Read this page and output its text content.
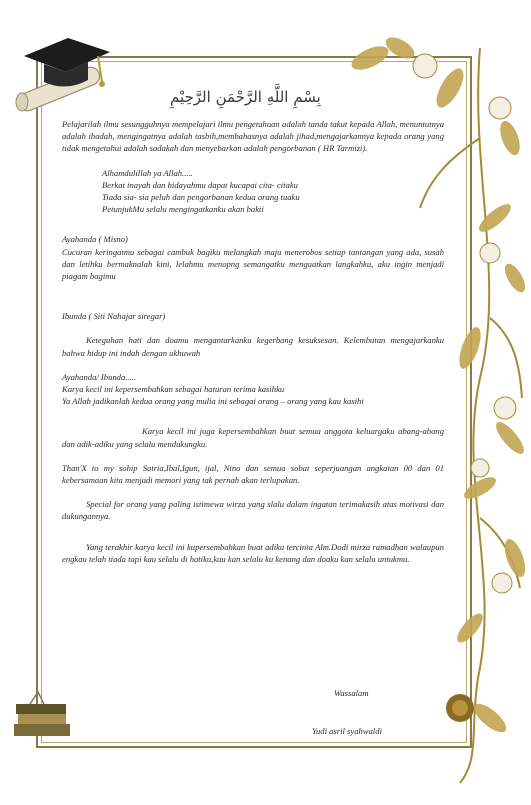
بِسْمِ اللَّهِ الرَّحْمَنِ الرَّحِيْمِ

Pelajarilah ilmu sesungguhnya mempelajari ilmu pengetahuan adalah tanda takut kepada Allah, menuntutnya adalah ibadah, mengingatnya adalah tasbih,membahasnya adalah jihad,mengajarkannya kepada orang yang tidak mengetahui adalah sadakah dan menyebarkan adalah pengorbanan ( HR Tarmizi).

Alhamdulillah ya Allah.....

Berkat inayah dan hidayahmu dapat kucapai cita- citaku

Tiada sia- sia peluh dan pengorbanan kedua orang tuaku

PetunjukMu selalu mengingatkanku akan bakti

Ayahanda ( Misno)

Cucuran keringatmu sebagai cambuk bagiku melangkah maju menerobos setiap tantangan yang ada, susah dan letihku bermaknalah kini, lelahmu menopng semangatku menguatkan langkahku, aku ingin menjadi piagam bagimu

Ibunda ( Siti Nahajar siregar)

Keteguhan hati dan doamu mengantarkanku kegerbang kesuksesan. Kelembutan mengajarkanku bahwa hidup ini indah dengan ukhuwah

Ayahanda/ Ibunda.....

Karya kecil ini kepersembahkan sebagai haturan terima kasihku

Ya Allah jadikanlah kedua orang yang mulia ini sebagai orang – orang yang kau kasihi

Karya kecil ini juga kepersembahkan buat semua anggota keluargaku abang-abang dan adik-adiku yang selalu mendukungku.

Than'X to my sohip Satria,Ibal,Igun, ijal, Nino dan semua sobat seperjuangan angkatan 00 dan 01 kebersamaan kita menjadi memori yang tak pernah akan terlupakan.

Special for orang yang paling istimewa wirza yang slalu dalam ingatan terimakasih atas motivasi dan dukungannya.

Yang terakhir karya kecil ini kupersembahkan buat adiku tercinta Alm.Dodi mirza ramadhan walaupun engkau telah tiada tapi kau selalu di hatiku,kau kan selalu ku kenang dan doaku kan selalu untukmu.

Wassalam
Yudi asril syahwaldi
